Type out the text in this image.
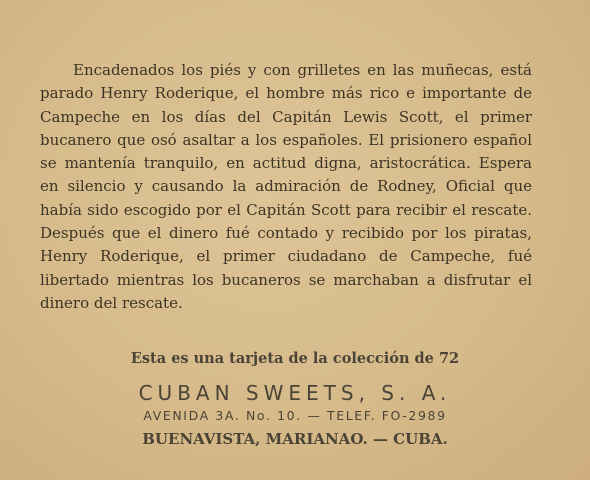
Encadenados los piés y con grilletes en las muñecas, está parado Henry Roderique, el hombre más rico e importante de Campeche en los días del Capitán Lewis Scott, el primer bucanero que osó asaltar a los españoles. El prisionero español se mantenía tranquilo, en actitud digna, aristocrática. Espera en silencio y causando la admiración de Rodney, Oficial que había sido escogido por el Capitán Scott para recibir el rescate. Después que el dinero fué contado y recibido por los piratas, Henry Roderique, el primer ciudadano de Campeche, fué libertado mientras los bucaneros se marchaban a disfrutar el dinero del rescate.

Esta es una tarjeta de la colección de 72
CUBAN SWEETS, S. A.
AVENIDA 3A. No. 10. — TELEF. FO-2989
BUENAVISTA, MARIANAO. — CUBA.
